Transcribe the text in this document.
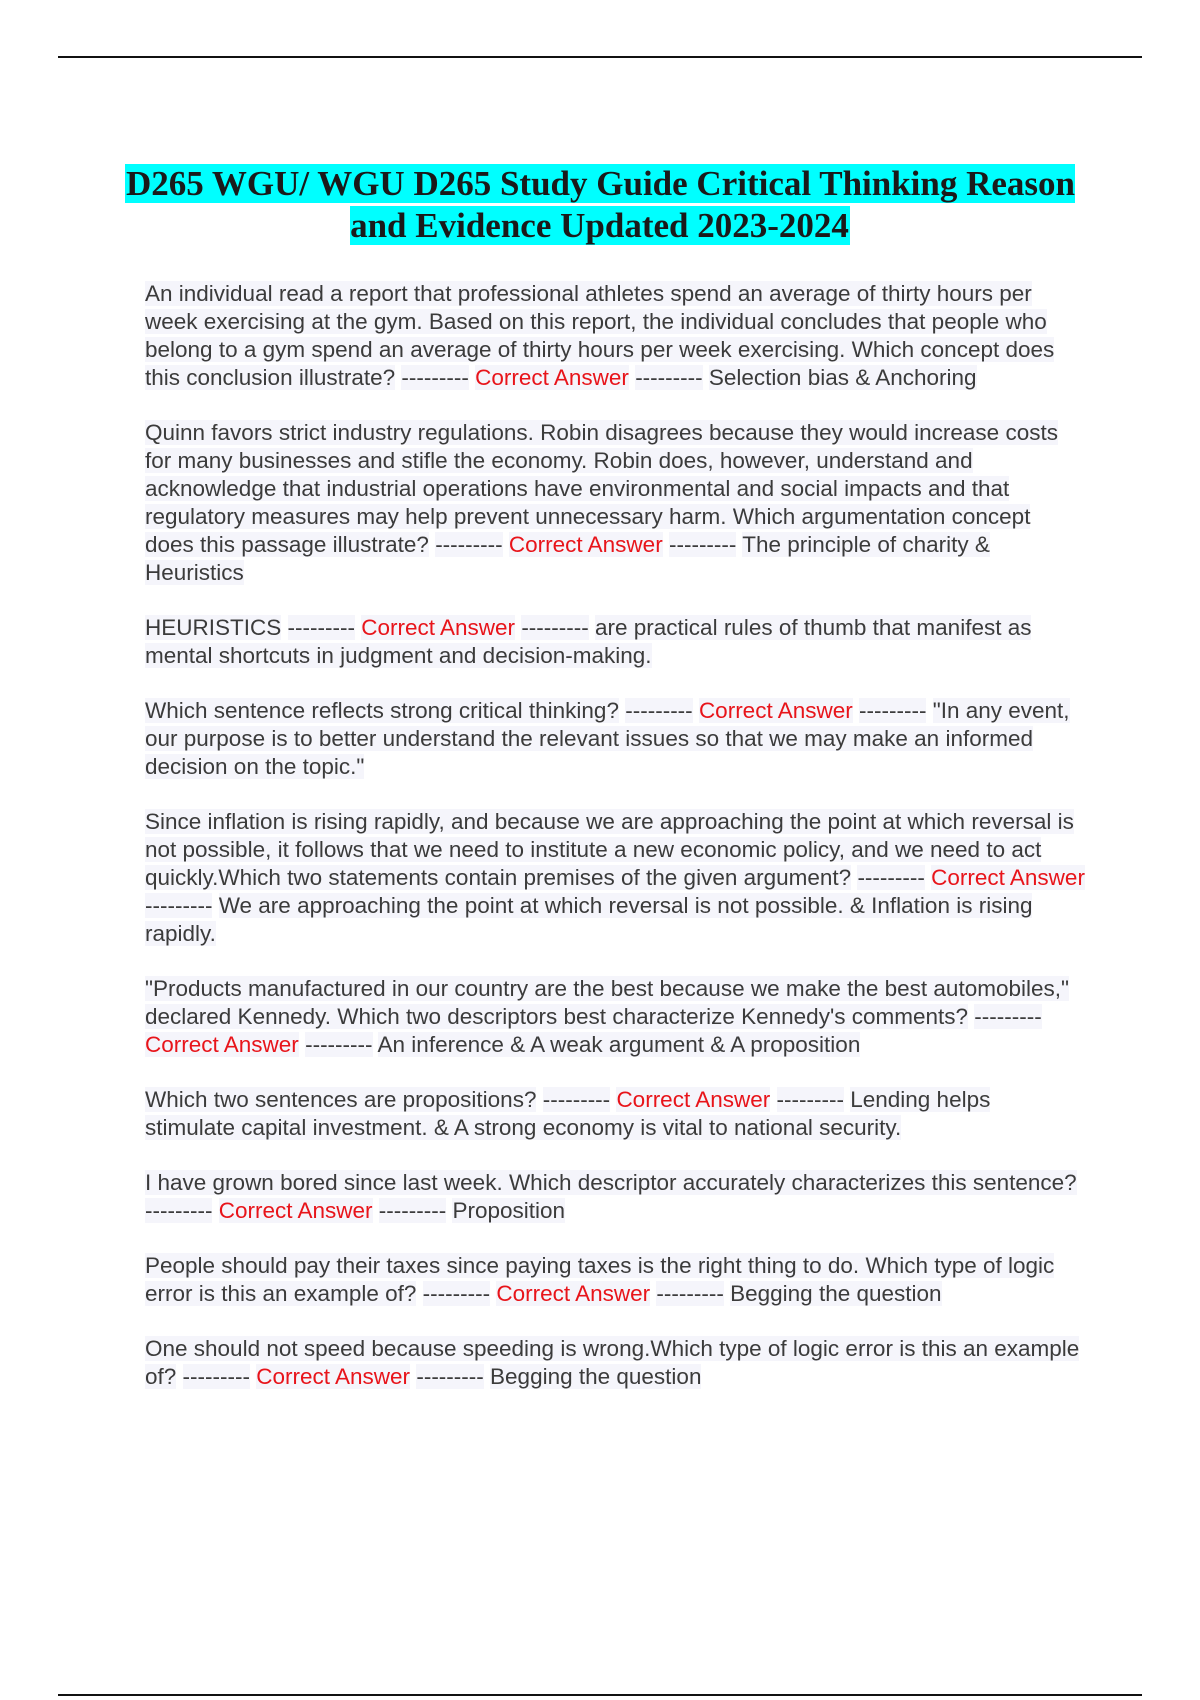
D265 WGU/ WGU D265 Study Guide Critical Thinking Reason and Evidence Updated 2023-2024

An individual read a report that professional athletes spend an average of thirty hours per week exercising at the gym. Based on this report, the individual concludes that people who belong to a gym spend an average of thirty hours per week exercising. Which concept does this conclusion illustrate? --------- Correct Answer --------- Selection bias & Anchoring

Quinn favors strict industry regulations. Robin disagrees because they would increase costs for many businesses and stifle the economy. Robin does, however, understand and acknowledge that industrial operations have environmental and social impacts and that regulatory measures may help prevent unnecessary harm. Which argumentation concept does this passage illustrate? --------- Correct Answer --------- The principle of charity & Heuristics

HEURISTICS --------- Correct Answer --------- are practical rules of thumb that manifest as mental shortcuts in judgment and decision-making.

Which sentence reflects strong critical thinking? --------- Correct Answer --------- "In any event, our purpose is to better understand the relevant issues so that we may make an informed decision on the topic."

Since inflation is rising rapidly, and because we are approaching the point at which reversal is not possible, it follows that we need to institute a new economic policy, and we need to act quickly.Which two statements contain premises of the given argument? --------- Correct Answer --------- We are approaching the point at which reversal is not possible. & Inflation is rising rapidly.

"Products manufactured in our country are the best because we make the best automobiles," declared Kennedy. Which two descriptors best characterize Kennedy's comments? --------- Correct Answer --------- An inference & A weak argument & A proposition

Which two sentences are propositions? --------- Correct Answer --------- Lending helps stimulate capital investment. & A strong economy is vital to national security.

I have grown bored since last week. Which descriptor accurately characterizes this sentence? --------- Correct Answer --------- Proposition

People should pay their taxes since paying taxes is the right thing to do. Which type of logic error is this an example of? --------- Correct Answer --------- Begging the question

One should not speed because speeding is wrong.Which type of logic error is this an example of? --------- Correct Answer --------- Begging the question
